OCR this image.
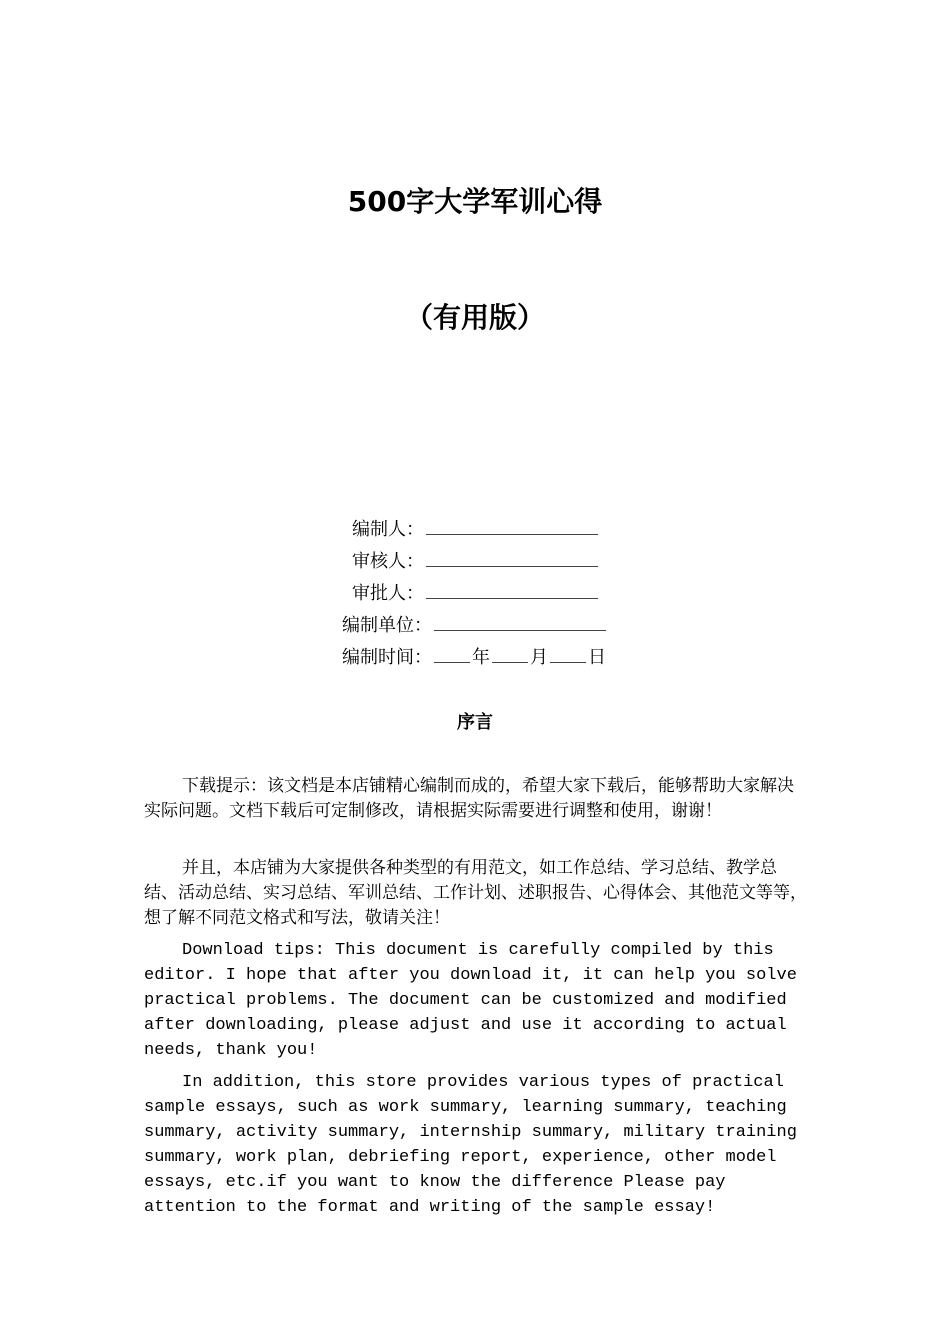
500字大学军训心得
（有用版）
编制人：
审核人：
审批人：
编制单位：
编制时间： 年 月 日
序言

下载提示：该文档是本店铺精心编制而成的，希望大家下载后，能够帮助大家解决实际问题。文档下载后可定制修改，请根据实际需要进行调整和使用，谢谢！

并且，本店铺为大家提供各种类型的有用范文，如工作总结、学习总结、教学总结、活动总结、实习总结、军训总结、工作计划、述职报告、心得体会、其他范文等等，想了解不同范文格式和写法，敬请关注！

Download tips: This document is carefully compiled by this editor. I hope that after you download it, it can help you solve practical problems. The document can be customized and modified after downloading, please adjust and use it according to actual needs, thank you!

In addition, this store provides various types of practical sample essays, such as work summary, learning summary, teaching summary, activity summary, internship summary, military training summary, work plan, debriefing report, experience, other model essays, etc.if you want to know the difference Please pay attention to the format and writing of the sample essay!
